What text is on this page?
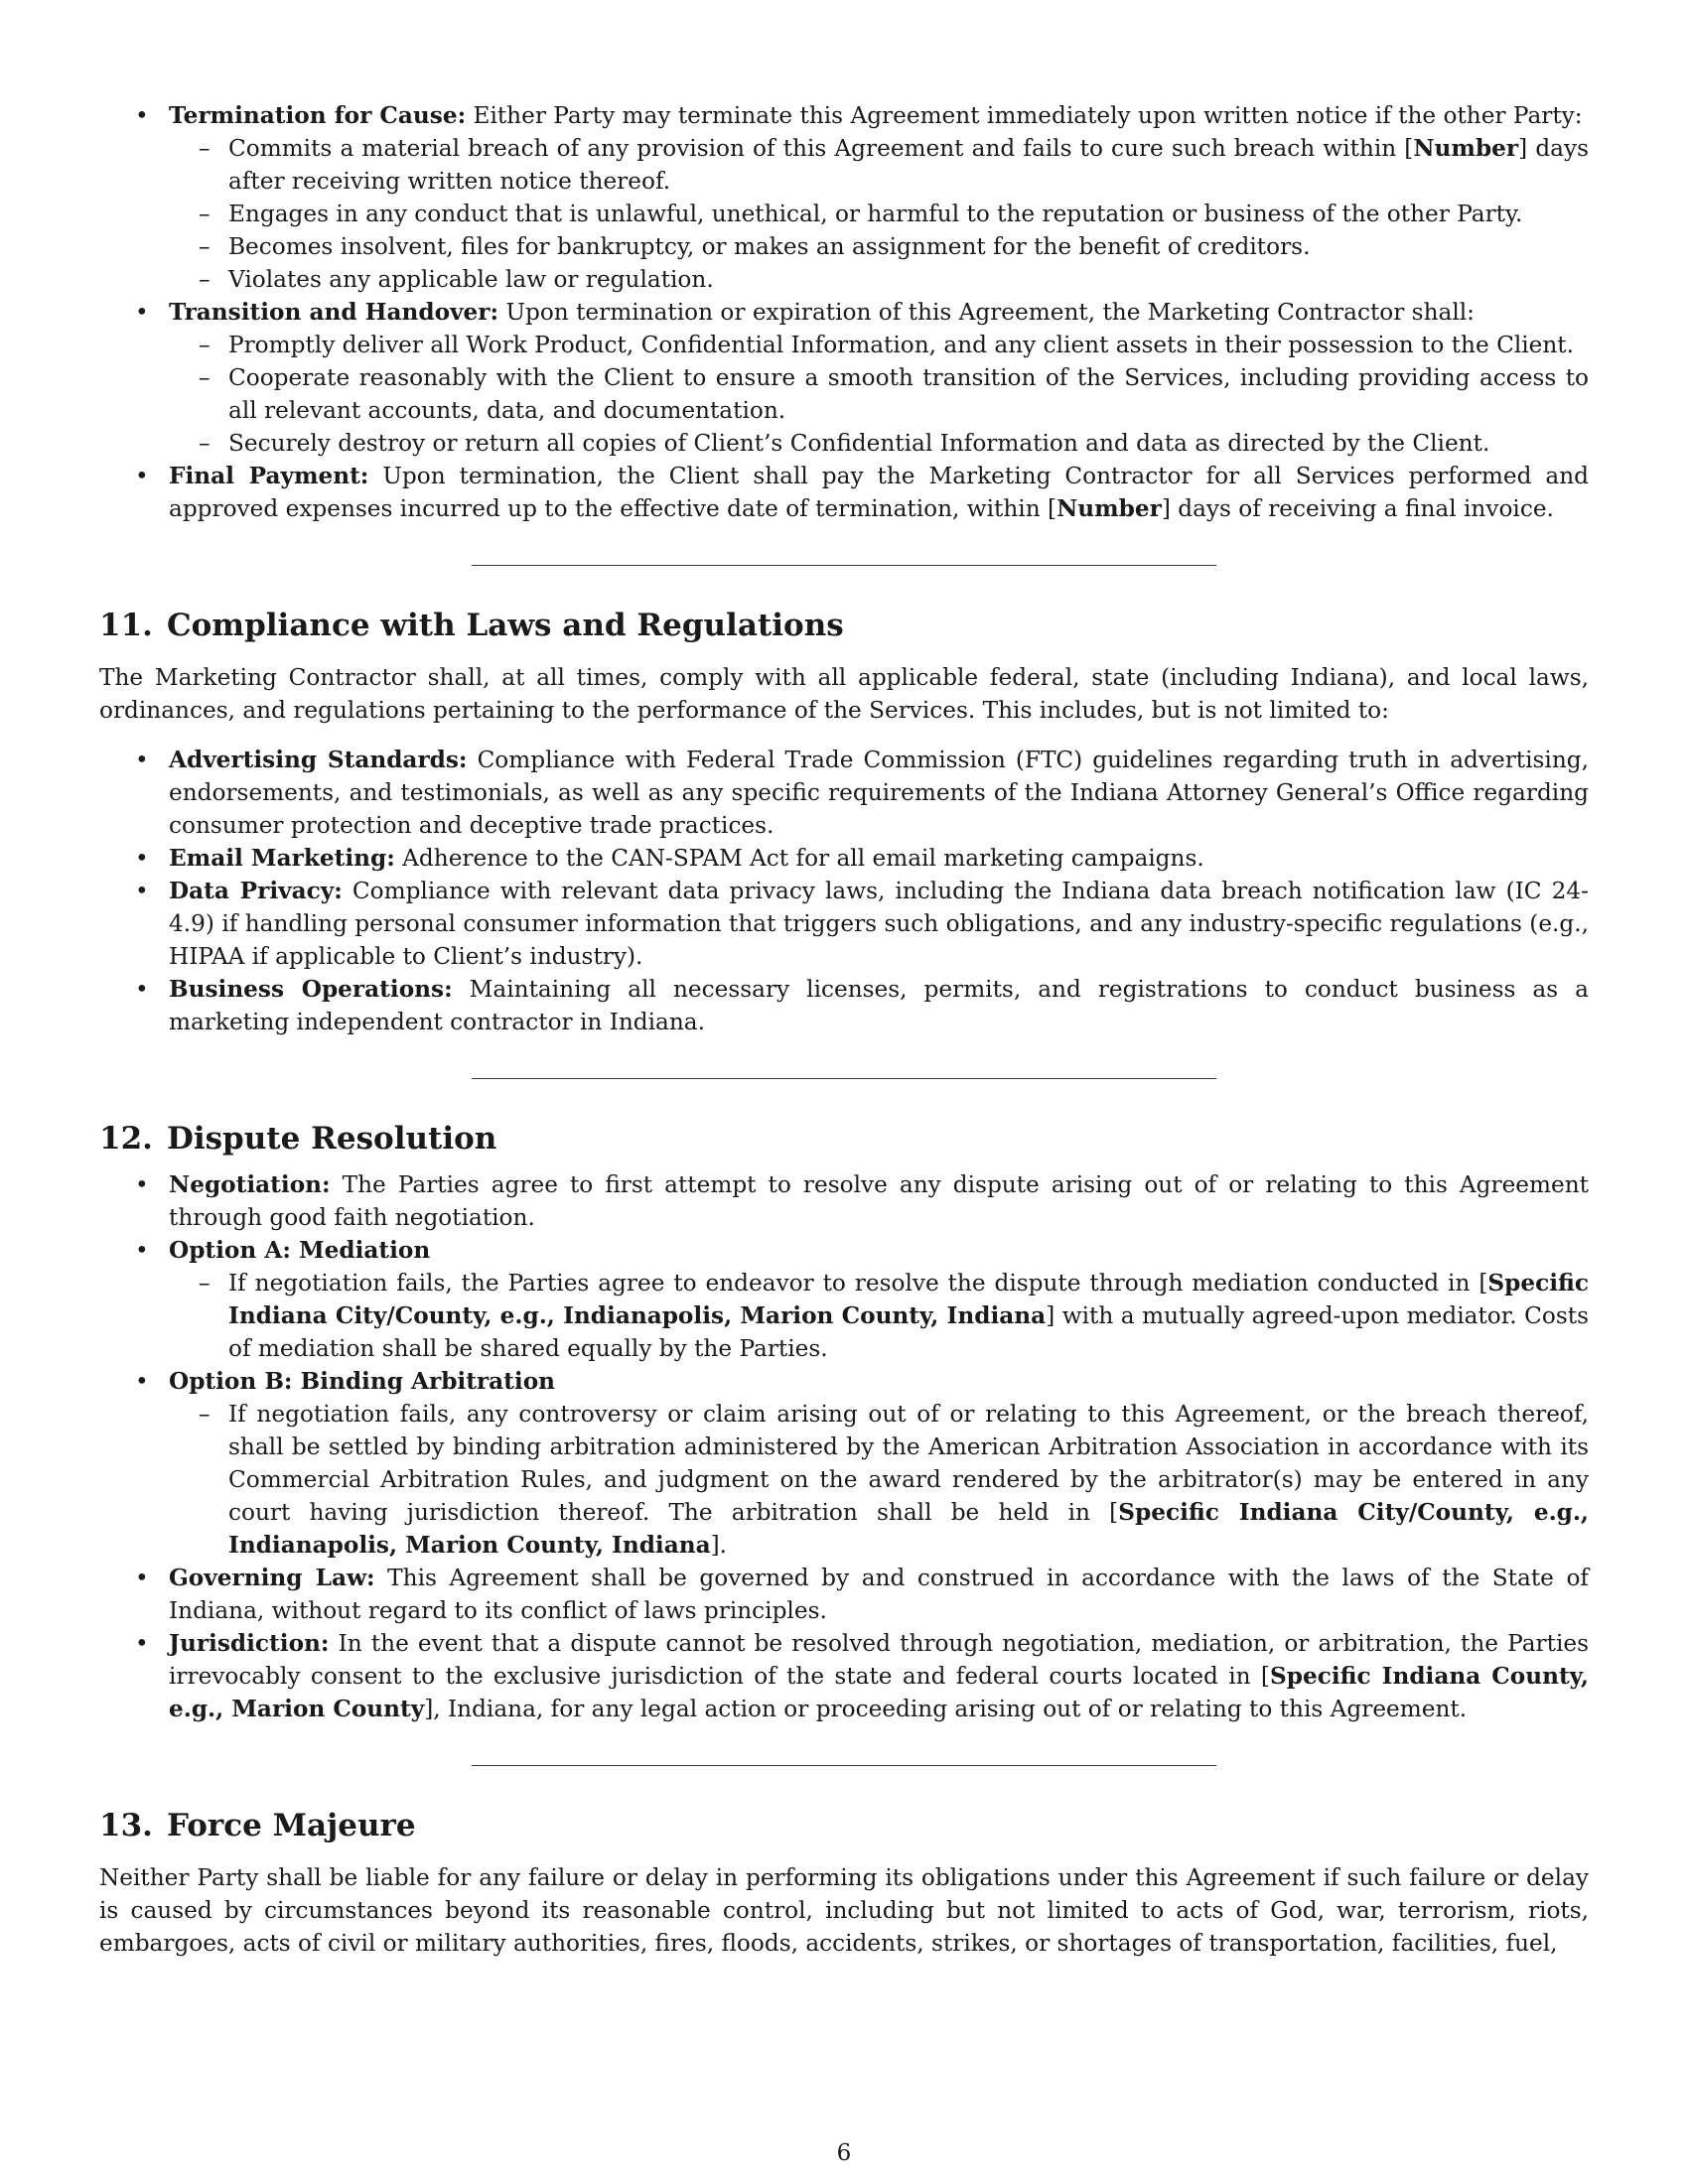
• Termination for Cause: Either Party may terminate this Agreement immediately upon written notice if the other Party:
– Commits a material breach of any provision of this Agreement and fails to cure such breach within [Number] days after receiving written notice thereof.
– Engages in any conduct that is unlawful, unethical, or harmful to the reputation or business of the other Party.
– Becomes insolvent, files for bankruptcy, or makes an assignment for the benefit of creditors.
– Violates any applicable law or regulation.
• Transition and Handover: Upon termination or expiration of this Agreement, the Marketing Contractor shall:
– Promptly deliver all Work Product, Confidential Information, and any client assets in their possession to the Client.
– Cooperate reasonably with the Client to ensure a smooth transition of the Services, including providing access to all relevant accounts, data, and documentation.
– Securely destroy or return all copies of Client’s Confidential Information and data as directed by the Client.
• Final Payment: Upon termination, the Client shall pay the Marketing Contractor for all Services performed and approved expenses incurred up to the effective date of termination, within [Number] days of receiving a final invoice.
11. Compliance with Laws and Regulations

The Marketing Contractor shall, at all times, comply with all applicable federal, state (including Indiana), and local laws, ordinances, and regulations pertaining to the performance of the Services. This includes, but is not limited to:

• Advertising Standards: Compliance with Federal Trade Commission (FTC) guidelines regarding truth in advertising, endorsements, and testimonials, as well as any specific requirements of the Indiana Attorney General’s Office regarding consumer protection and deceptive trade practices.
• Email Marketing: Adherence to the CAN-SPAM Act for all email marketing campaigns.
• Data Privacy: Compliance with relevant data privacy laws, including the Indiana data breach notification law (IC 24-4.9) if handling personal consumer information that triggers such obligations, and any industry-specific regulations (e.g., HIPAA if applicable to Client’s industry).
• Business Operations: Maintaining all necessary licenses, permits, and registrations to conduct business as a marketing independent contractor in Indiana.
12. Dispute Resolution
• Negotiation: The Parties agree to first attempt to resolve any dispute arising out of or relating to this Agreement through good faith negotiation.
• Option A: Mediation
– If negotiation fails, the Parties agree to endeavor to resolve the dispute through mediation conducted in [Specific Indiana City/County, e.g., Indianapolis, Marion County, Indiana] with a mutually agreed-upon mediator. Costs of mediation shall be shared equally by the Parties.
• Option B: Binding Arbitration
– If negotiation fails, any controversy or claim arising out of or relating to this Agreement, or the breach thereof, shall be settled by binding arbitration administered by the American Arbitration Association in accordance with its Commercial Arbitration Rules, and judgment on the award rendered by the arbitrator(s) may be entered in any court having jurisdiction thereof. The arbitration shall be held in [Specific Indiana City/County, e.g., Indianapolis, Marion County, Indiana].
• Governing Law: This Agreement shall be governed by and construed in accordance with the laws of the State of Indiana, without regard to its conflict of laws principles.
• Jurisdiction: In the event that a dispute cannot be resolved through negotiation, mediation, or arbitration, the Parties irrevocably consent to the exclusive jurisdiction of the state and federal courts located in [Specific Indiana County, e.g., Marion County], Indiana, for any legal action or proceeding arising out of or relating to this Agreement.
13. Force Majeure

Neither Party shall be liable for any failure or delay in performing its obligations under this Agreement if such failure or delay is caused by circumstances beyond its reasonable control, including but not limited to acts of God, war, terrorism, riots, embargoes, acts of civil or military authorities, fires, floods, accidents, strikes, or shortages of transportation, facilities, fuel,

6
